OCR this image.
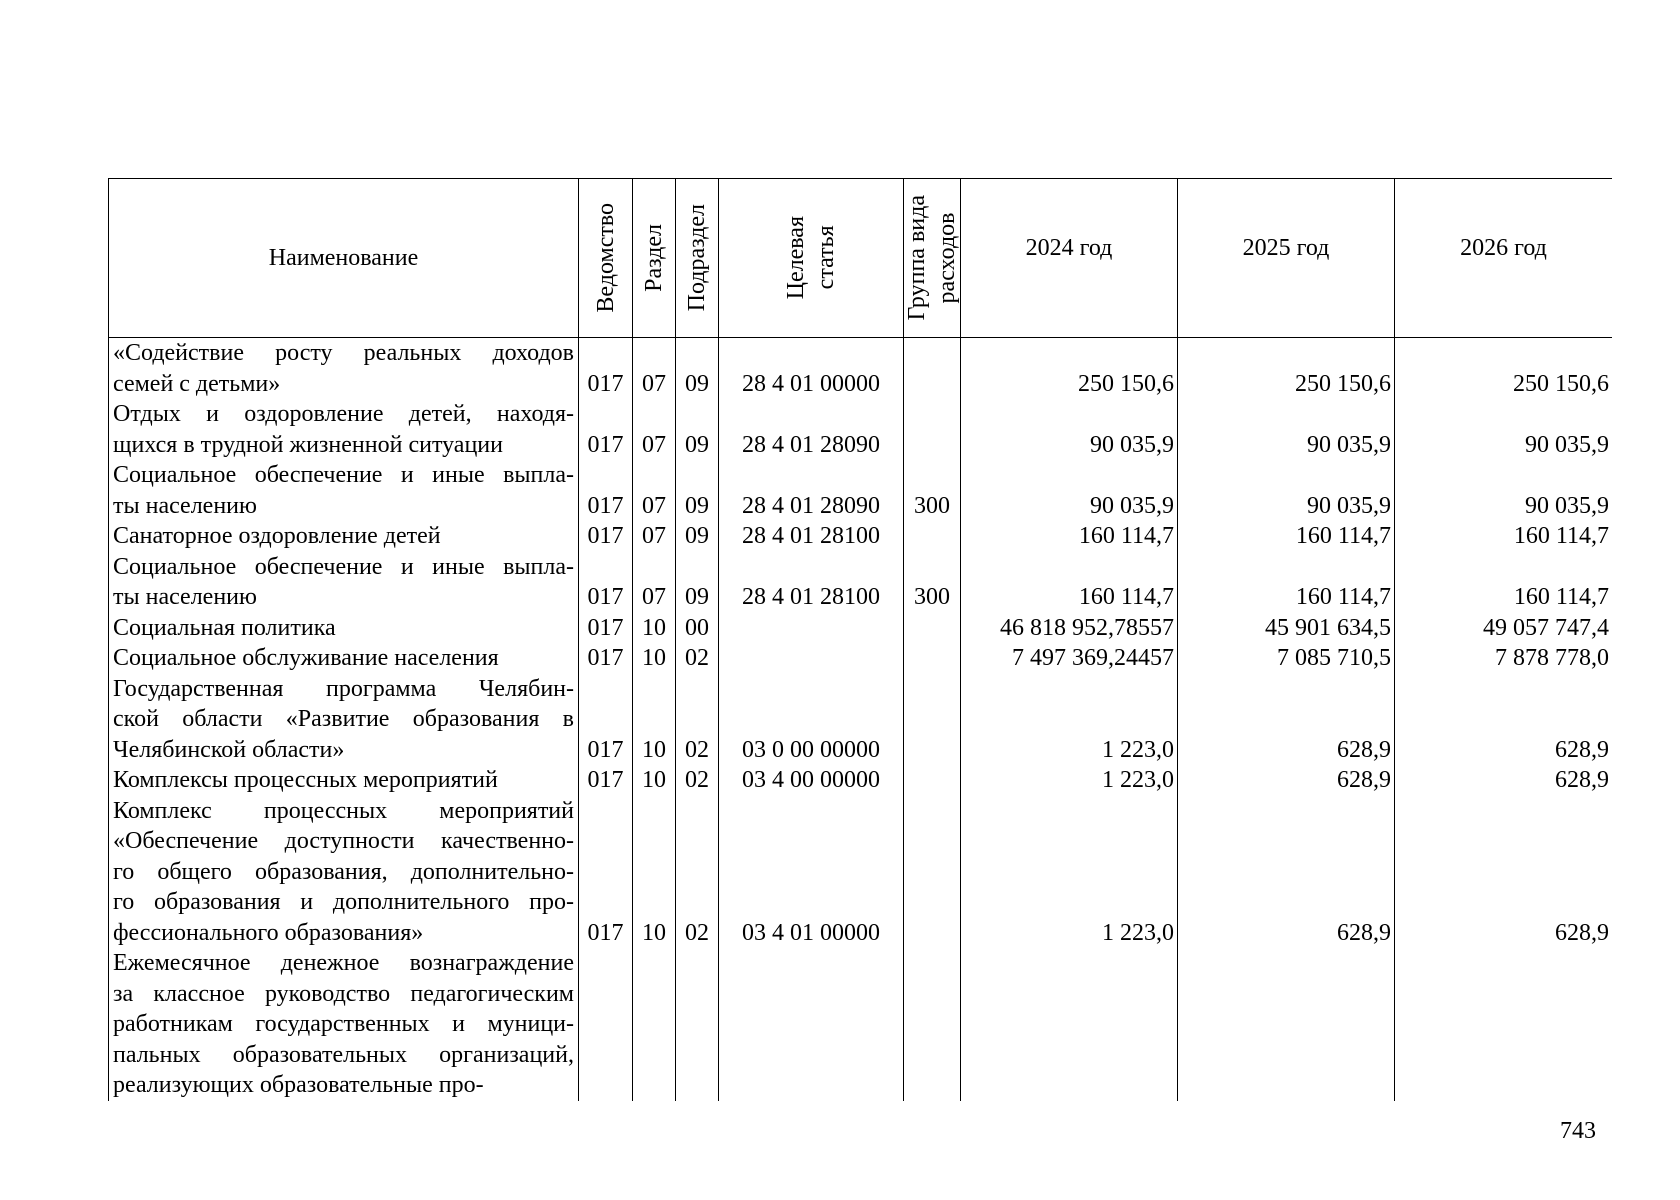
Наименование	Ведомство	Раздел	Подраздел	Целевая статья	Группа вида расходов	2024 год	2025 год	2026 год

«Содействие росту реальных доходов
семей с детьми»	017	07	09	28 4 01 00000		250 150,6	250 150,6	250 150,6

Отдых и оздоровление детей, находя-
щихся в трудной жизненной ситуации	017	07	09	28 4 01 28090		90 035,9	90 035,9	90 035,9

Социальное обеспечение и иные выпла-
ты населению	017	07	09	28 4 01 28090	300	90 035,9	90 035,9	90 035,9

Санаторное оздоровление детей	017	07	09	28 4 01 28100		160 114,7	160 114,7	160 114,7

Социальное обеспечение и иные выпла-
ты населению	017	07	09	28 4 01 28100	300	160 114,7	160 114,7	160 114,7

Социальная политика	017	10	00			46 818 952,78557	45 901 634,5	49 057 747,4

Социальное обслуживание населения	017	10	02			7 497 369,24457	7 085 710,5	7 878 778,0

Государственная программа Челябин-
ской области «Развитие образования в
Челябинской области»	017	10	02	03 0 00 00000		1 223,0	628,9	628,9

Комплексы процессных мероприятий	017	10	02	03 4 00 00000		1 223,0	628,9	628,9

Комплекс процессных мероприятий
«Обеспечение доступности качественно-
го общего образования, дополнительно-
го образования и дополнительного про-
фессионального образования»	017	10	02	03 4 01 00000		1 223,0	628,9	628,9

Ежемесячное денежное вознаграждение
за классное руководство педагогическим
работникам государственных и муници-
пальных образовательных организаций,
реализующих образовательные про-								

743
